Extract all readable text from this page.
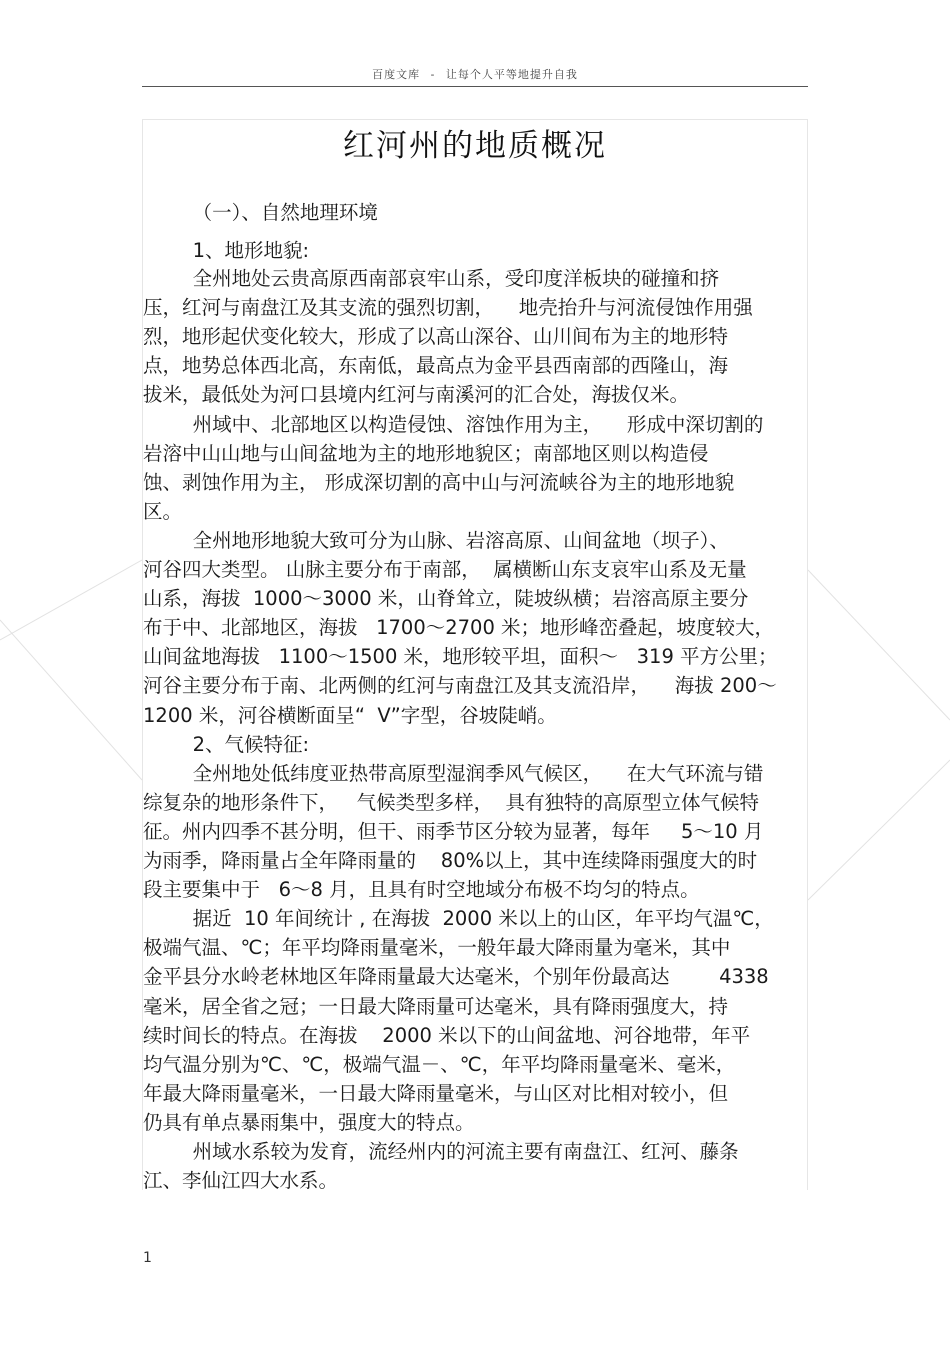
百度文库 - 让每个人平等地提升自我
红河州的地质概况
（一）、自然地理环境
1、地形地貌:
全州地处云贵高原西南部哀牢山系，受印度洋板块的碰撞和挤
压，红河与南盘江及其支流的强烈切割，    地壳抬升与河流侵蚀作用强
烈，地形起伏变化较大，形成了以高山深谷、山川间布为主的地形特
点，地势总体西北高，东南低，最高点为金平县西南部的西隆山，海
拔米，最低处为河口县境内红河与南溪河的汇合处，海拔仅米。
州域中、北部地区以构造侵蚀、溶蚀作用为主，    形成中深切割的
岩溶中山山地与山间盆地为主的地形地貌区；南部地区则以构造侵
蚀、剥蚀作用为主， 形成深切割的高中山与河流峡谷为主的地形地貌
区。
全州地形地貌大致可分为山脉、岩溶高原、山间盆地（坝子）、
河谷四大类型。 山脉主要分布于南部，  属横断山东支哀牢山系及无量
山系，海拔  1000～3000 米，山脊耸立，陡坡纵横；岩溶高原主要分
布于中、北部地区，海拔   1700～2700 米；地形峰峦叠起，坡度较大，
山间盆地海拔   1100～1500 米，地形较平坦，面积～   319 平方公里；
河谷主要分布于南、北两侧的红河与南盘江及其支流沿岸，    海拔 200～
1200 米，河谷横断面呈“  V”字型，谷坡陡峭。
2、气候特征:
全州地处低纬度亚热带高原型湿润季风气候区，    在大气环流与错
综复杂的地形条件下，   气候类型多样，  具有独特的高原型立体气候特
征。州内四季不甚分明，但干、雨季节区分较为显著，每年     5～10 月
为雨季，降雨量占全年降雨量的    80%以上，其中连续降雨强度大的时
段主要集中于   6～8 月，且具有时空地域分布极不均匀的特点。
据近  10 年间统计 , 在海拔  2000 米以上的山区，年平均气温℃，
极端气温、℃；年平均降雨量毫米，一般年最大降雨量为毫米，其中
金平县分水岭老林地区年降雨量最大达毫米，个别年份最高达        4338
毫米，居全省之冠；一日最大降雨量可达毫米，具有降雨强度大，持
续时间长的特点。在海拔    2000 米以下的山间盆地、河谷地带，年平
均气温分别为℃、℃，极端气温－、℃，年平均降雨量毫米、毫米，
年最大降雨量毫米，一日最大降雨量毫米，与山区对比相对较小，但
仍具有单点暴雨集中，强度大的特点。
州域水系较为发育，流经州内的河流主要有南盘江、红河、藤条
江、李仙江四大水系。
1
